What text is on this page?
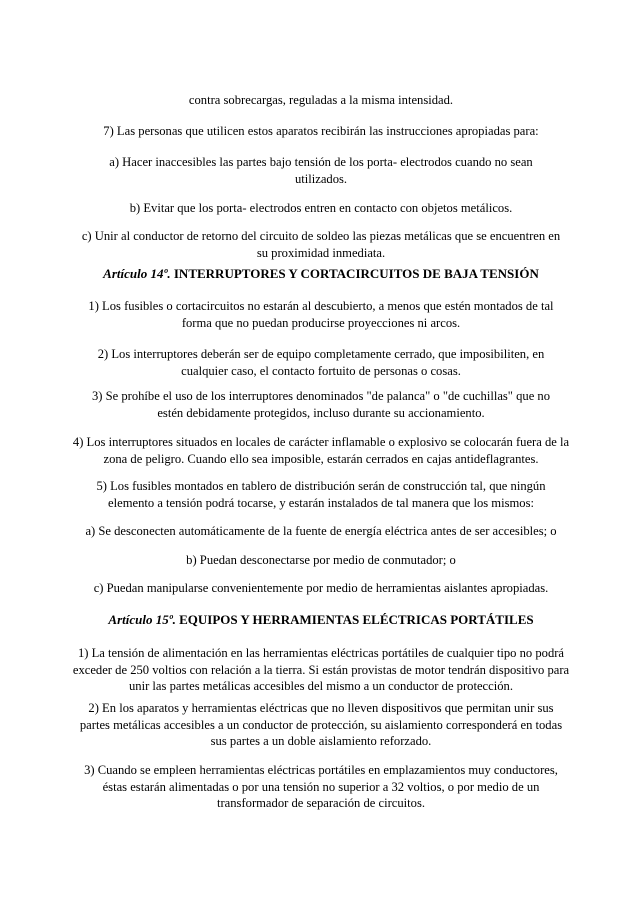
contra sobrecargas, reguladas a la misma intensidad.

7) Las personas que utilicen estos aparatos recibirán las instrucciones apropiadas para:

a) Hacer inaccesibles las partes bajo tensión de los porta- electrodos cuando no sean utilizados.

b) Evitar que los porta- electrodos entren en contacto con objetos metálicos.

c) Unir al conductor de retorno del circuito de soldeo las piezas metálicas que se encuentren en su proximidad inmediata.

Artículo 14º. INTERRUPTORES Y CORTACIRCUITOS DE BAJA TENSIÓN

1) Los fusibles o cortacircuitos no estarán al descubierto, a menos que estén montados de tal forma que no puedan producirse proyecciones ni arcos.

2) Los interruptores deberán ser de equipo completamente cerrado, que imposibiliten, en cualquier caso, el contacto fortuito de personas o cosas.

3) Se prohíbe el uso de los interruptores denominados "de palanca" o "de cuchillas" que no estén debidamente protegidos, incluso durante su accionamiento.

4) Los interruptores situados en locales de carácter inflamable o explosivo se colocarán fuera de la zona de peligro. Cuando ello sea imposible, estarán cerrados en cajas antideflagrantes.

5) Los fusibles montados en tablero de distribución serán de construcción tal, que ningún elemento a tensión podrá tocarse, y estarán instalados de tal manera que los mismos:

a) Se desconecten automáticamente de la fuente de energía eléctrica antes de ser accesibles; o

b) Puedan desconectarse por medio de conmutador; o

c) Puedan manipularse convenientemente por medio de herramientas aislantes apropiadas.

Artículo 15º. EQUIPOS Y HERRAMIENTAS ELÉCTRICAS PORTÁTILES

1) La tensión de alimentación en las herramientas eléctricas portátiles de cualquier tipo no podrá exceder de 250 voltios con relación a la tierra. Si están provistas de motor tendrán dispositivo para unir las partes metálicas accesibles del mismo a un conductor de protección.

2) En los aparatos y herramientas eléctricas que no lleven dispositivos que permitan unir sus partes metálicas accesibles a un conductor de protección, su aislamiento corresponderá en todas sus partes a un doble aislamiento reforzado.

3) Cuando se empleen herramientas eléctricas portátiles en emplazamientos muy conductores, éstas estarán alimentadas o por una tensión no superior a 32 voltios, o por medio de un transformador de separación de circuitos.
